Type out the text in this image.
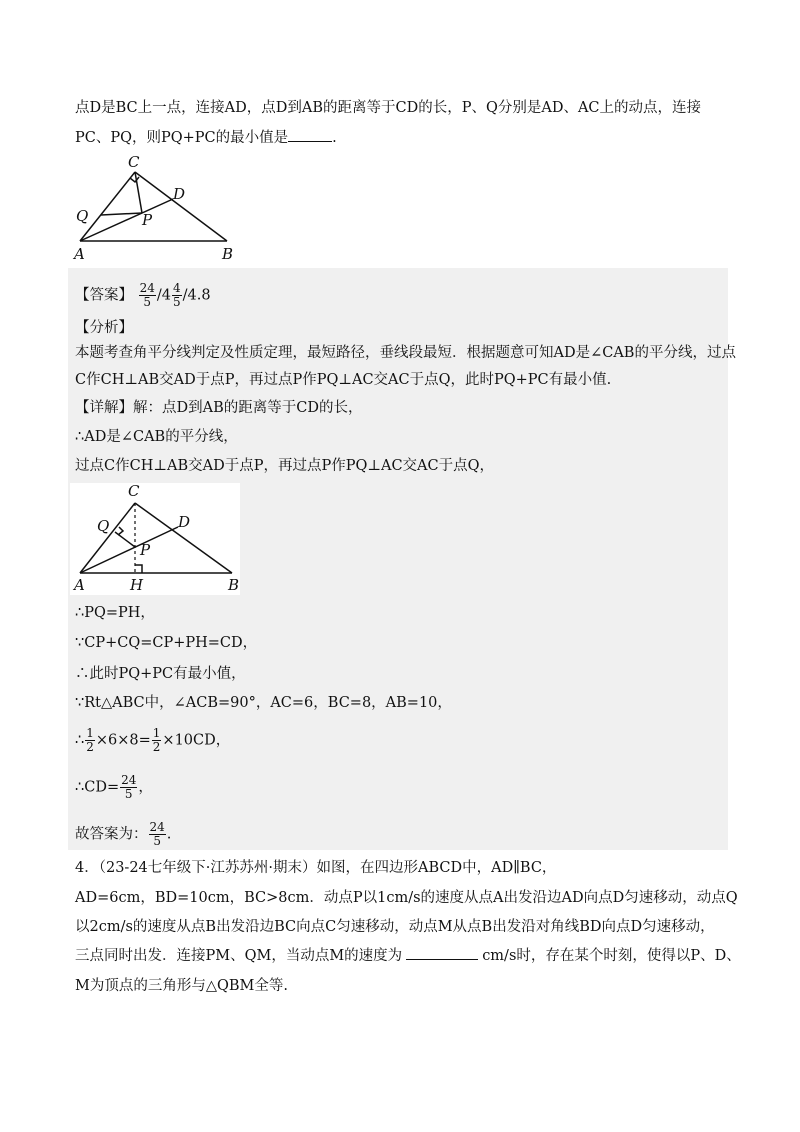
点D是BC上一点，连接AD，点D到AB的距离等于CD的长，P、Q分别是AD、AC上的动点，连接
PC、PQ，则PQ+PC的最小值是	.
C
D
Q	P
A	B
【答案】 $\frac{24}{5} /4 \frac{4}{5} /4.8$
【分析】
本题考查角平分线判定及性质定理，最短路径，垂线段最短．根据题意可知AD是∠CAB的平分线，过点
C作CH⊥AB交AD于点P，再过点P作PQ⊥AC交AC于点Q，此时PQ+PC有最小值.
【详解】解：点D到AB的距离等于CD的长，
∴AD是∠CAB的平分线，
过点C作CH⊥AB交AD于点P，再过点P作PQ⊥AC交AC于点Q，
C
Q	D
P
A	H	B
∴PQ=PH，
∵CP+CQ=CP+PH=CD，
∴此时PQ+PC有最小值，
∵Rt△ABC中，∠ACB=90°，AC=6，BC=8，AB=10，
∴ $\frac{1}{2} \times 6\times 8= \frac{1}{2} \times 10CD$，
∴CD= $\frac{24}{5}$ ，
故答案为： $\frac{24}{5}$ .
4．（23-24七年级下·江苏苏州·期末）如图，在四边形ABCD中，AD∥BC，
AD=6cm，BD=10cm，BC>8cm．动点P以1cm/s的速度从点A出发沿边AD向点D匀速移动，动点Q
以2cm/s的速度从点B出发沿边BC向点C匀速移动，动点M从点B出发沿对角线BD向点D匀速移动，
三点同时出发．连接PM、QM，当动点M的速度为	cm/s时，存在某个时刻，使得以P、D、
M为顶点的三角形与△QBM全等.
